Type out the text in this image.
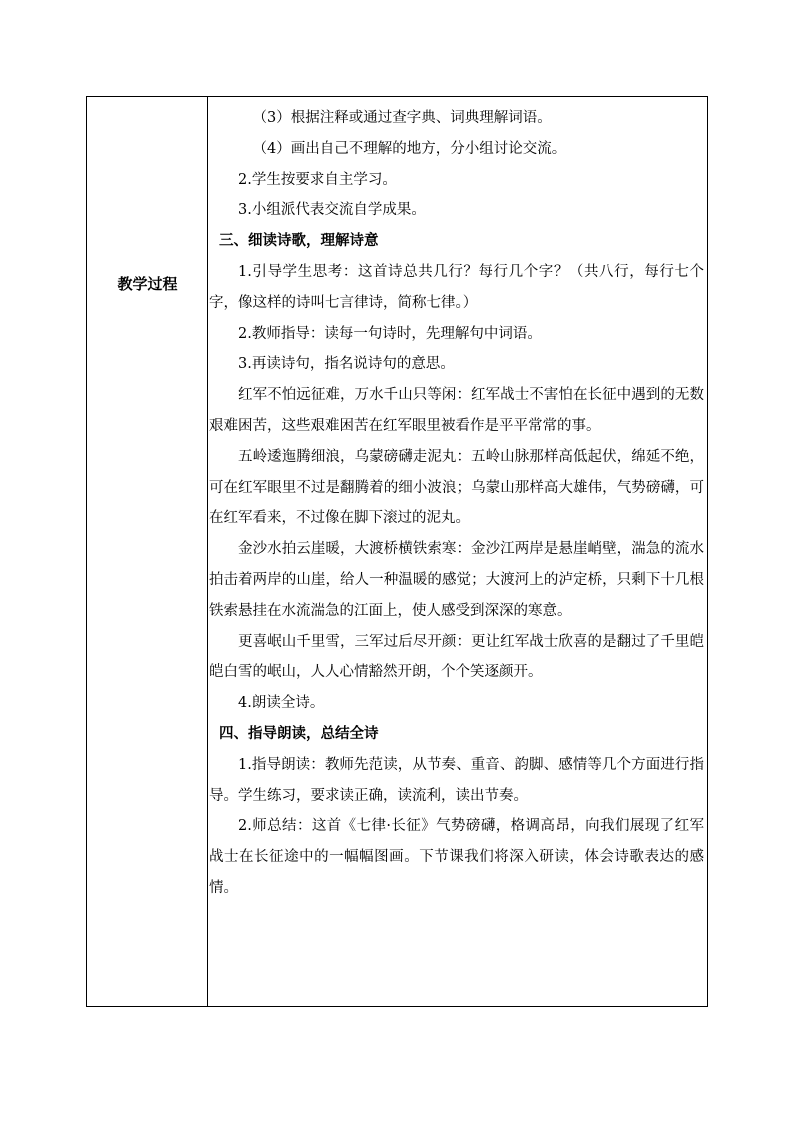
教学过程

（3）根据注释或通过查字典、词典理解词语。

（4）画出自己不理解的地方，分小组讨论交流。

2.学生按要求自主学习。

3.小组派代表交流自学成果。

三、细读诗歌，理解诗意

1.引导学生思考：这首诗总共几行？每行几个字？（共八行，每行七个字，像这样的诗叫七言律诗，简称七律。）

2.教师指导：读每一句诗时，先理解句中词语。

3.再读诗句，指名说诗句的意思。

红军不怕远征难，万水千山只等闲：红军战士不害怕在长征中遇到的无数艰难困苦，这些艰难困苦在红军眼里被看作是平平常常的事。

五岭逶迤腾细浪，乌蒙磅礴走泥丸：五岭山脉那样高低起伏，绵延不绝，可在红军眼里不过是翻腾着的细小波浪；乌蒙山那样高大雄伟，气势磅礴，可在红军看来，不过像在脚下滚过的泥丸。

金沙水拍云崖暖，大渡桥横铁索寒：金沙江两岸是悬崖峭壁，湍急的流水拍击着两岸的山崖，给人一种温暖的感觉；大渡河上的泸定桥，只剩下十几根铁索悬挂在水流湍急的江面上，使人感受到深深的寒意。

更喜岷山千里雪，三军过后尽开颜：更让红军战士欣喜的是翻过了千里皑皑白雪的岷山，人人心情豁然开朗，个个笑逐颜开。

4.朗读全诗。

四、指导朗读，总结全诗

1.指导朗读：教师先范读，从节奏、重音、韵脚、感情等几个方面进行指导。学生练习，要求读正确，读流利，读出节奏。

2.师总结：这首《七律·长征》气势磅礴，格调高昂，向我们展现了红军战士在长征途中的一幅幅图画。下节课我们将深入研读，体会诗歌表达的感情。
